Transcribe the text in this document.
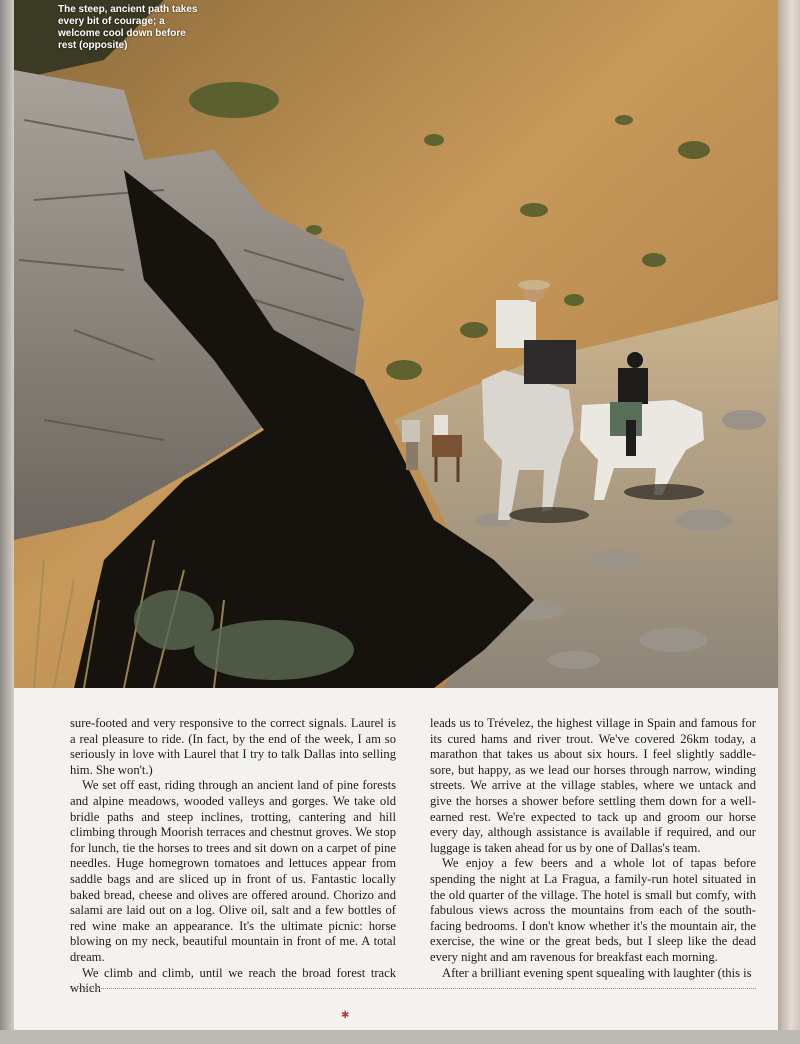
The steep, ancient path takes every bit of courage; a welcome cool down before rest (opposite)

sure-footed and very responsive to the correct signals. Laurel is a real pleasure to ride. (In fact, by the end of the week, I am so seriously in love with Laurel that I try to talk Dallas into selling him. She won't.)

We set off east, riding through an ancient land of pine forests and alpine meadows, wooded valleys and gorges. We take old bridle paths and steep inclines, trotting, cantering and hill climbing through Moorish terraces and chestnut groves. We stop for lunch, tie the horses to trees and sit down on a carpet of pine needles. Huge homegrown tomatoes and lettuces appear from saddle bags and are sliced up in front of us. Fantastic locally baked bread, cheese and olives are offered around. Chorizo and salami are laid out on a log. Olive oil, salt and a few bottles of red wine make an appearance. It's the ultimate picnic: horse blowing on my neck, beautiful mountain in front of me. A total dream.

We climb and climb, until we reach the broad forest track which

leads us to Trévelez, the highest village in Spain and famous for its cured hams and river trout. We've covered 26km today, a marathon that takes us about six hours. I feel slightly saddle-sore, but happy, as we lead our horses through narrow, winding streets. We arrive at the village stables, where we untack and give the horses a shower before settling them down for a well-earned rest. We're expected to tack up and groom our horse every day, although assistance is available if required, and our luggage is taken ahead for us by one of Dallas's team.

We enjoy a few beers and a whole lot of tapas before spending the night at La Fragua, a family-run hotel situated in the old quarter of the village. The hotel is small but comfy, with fabulous views across the mountains from each of the south-facing bedrooms. I don't know whether it's the mountain air, the exercise, the wine or the great beds, but I sleep like the dead every night and am ravenous for breakfast each morning.

After a brilliant evening spent squealing with laughter (this is

✱
